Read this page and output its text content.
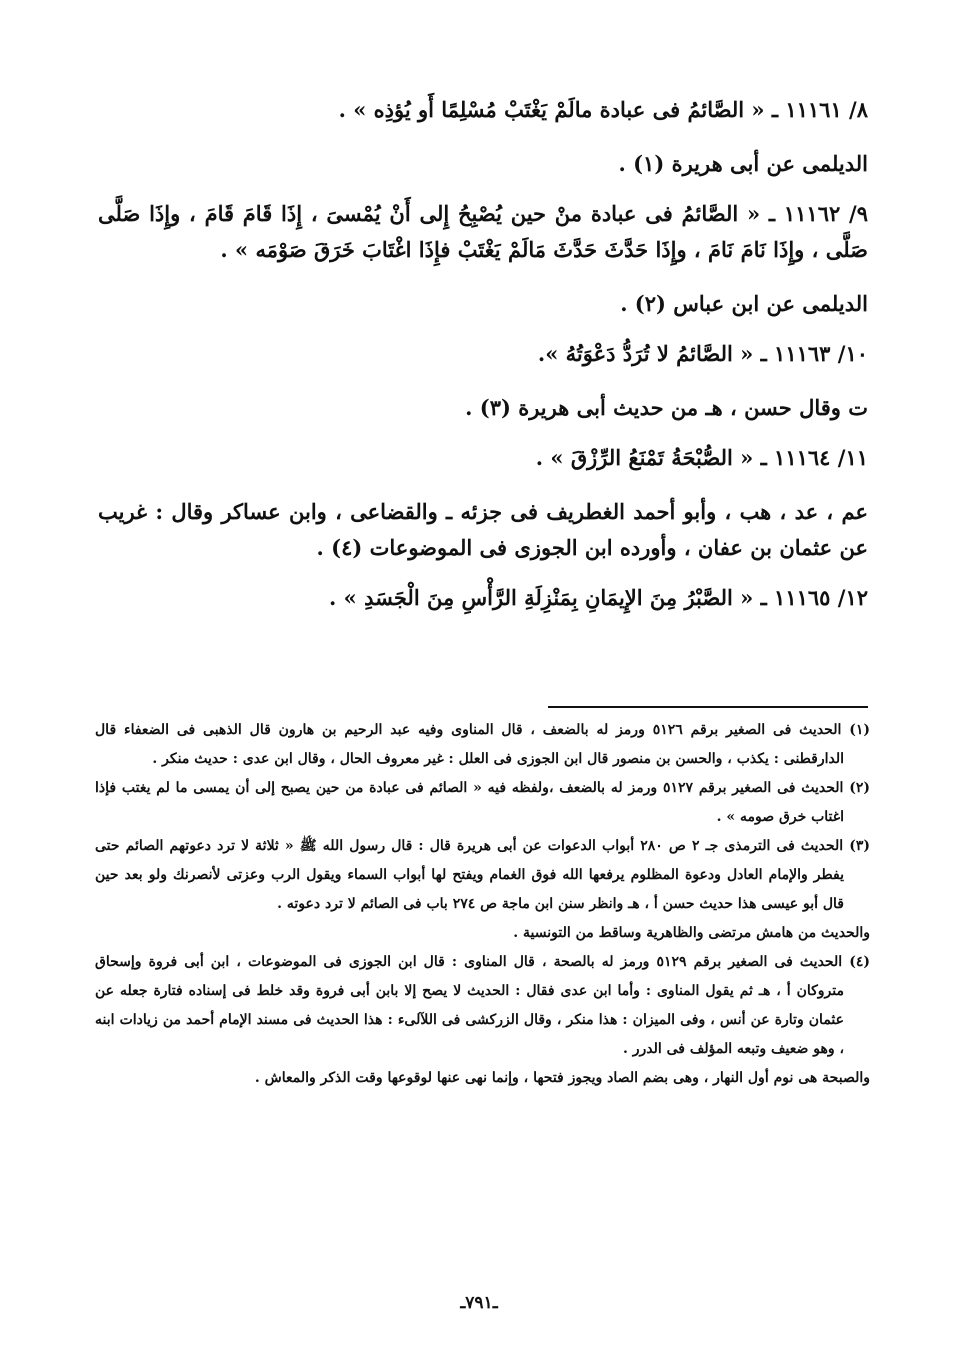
٨/ ١١١٦١ ـ « الصَّائمُ فى عبادة مالَمْ يَغْتَبْ مُسْلِمًا أَو يُؤذِه » .

الديلمى عن أبى هريرة (١) .

٩/ ١١١٦٢ ـ « الصَّائمُ فى عبادة منْ حين يُصْبِحُ إِلى أَنْ يُمْسىَ ، إِذَا قَامَ قَامَ ، وإِذَا صَلَّى صَلَّى ، وإِذَا نَامَ نَامَ ، وإِذَا حَدَّثَ حَدَّثَ مَالَمْ يَغْتَبْ فإِذَا اغْتَابَ خَرَقَ صَوْمَه » .

الديلمى عن ابن عباس (٢) .

١٠/ ١١١٦٣ ـ « الصَّائمُ لا تُرَدُّ دَعْوَتُهُ ».

ت وقال حسن ، هـ من حديث أبى هريرة (٣) .

١١/ ١١١٦٤ ـ « الصُّبْحَةُ تَمْنَعُ الرِّزْقَ » .

عم ، عد ، هب ، وأبو أحمد الغطريف فى جزئه ـ والقضاعى ، وابن عساكر وقال : غريب عن عثمان بن عفان ، وأورده ابن الجوزى فى الموضوعات (٤) .

١٢/ ١١١٦٥ ـ « الصَّبْرُ مِنَ الإِيمَانِ بِمَنْزِلَةِ الرَّأْسِ مِنَ الْجَسَدِ » .

(١) الحديث فى الصغير برقم ٥١٢٦ ورمز له بالضعف ، قال المناوى وفيه عبد الرحيم بن هارون قال الذهبى فى الضعفاء قال الدارقطنى : يكذب ، والحسن بن منصور قال ابن الجوزى فى العلل : غير معروف الحال ، وقال ابن عدى : حديث منكر .

(٢) الحديث فى الصغير برقم ٥١٢٧ ورمز له بالضعف ،ولفظه فيه « الصائم فى عبادة من حين يصبح إلى أن يمسى ما لم يغتب فإذا اغتاب خرق صومه » .

(٣) الحديث فى الترمذى جـ ٢ ص ٢٨٠ أبواب الدعوات عن أبى هريرة قال : قال رسول الله ﷺ « ثلاثة لا ترد دعوتهم الصائم حتى يفطر والإمام العادل ودعوة المظلوم يرفعها الله فوق الغمام ويفتح لها أبواب السماء ويقول الرب وعزتى لأنصرنك ولو بعد حين قال أبو عيسى هذا حديث حسن أ ، هـ وانظر سنن ابن ماجة ص ٢٧٤ باب فى الصائم لا ترد دعوته .

والحديث من هامش مرتضى والظاهرية وساقط من التونسية .

(٤) الحديث فى الصغير برقم ٥١٢٩ ورمز له بالصحة ، قال المناوى : قال ابن الجوزى فى الموضوعات ، ابن أبى فروة وإسحاق متروكان أ ، هـ ثم يقول المناوى : وأما ابن عدى فقال : الحديث لا يصح إلا بابن أبى فروة وقد خلط فى إسناده فتارة جعله عن عثمان وتارة عن أنس ، وفى الميزان : هذا منكر ، وقال الزركشى فى اللآلىء : هذا الحديث فى مسند الإمام أحمد من زيادات ابنه ، وهو ضعيف وتبعه المؤلف فى الدرر .

والصبحة هى نوم أول النهار ، وهى بضم الصاد ويجوز فتحها ، وإنما نهى عنها لوقوعها وقت الذكر والمعاش .

ـ٧٩١ـ
